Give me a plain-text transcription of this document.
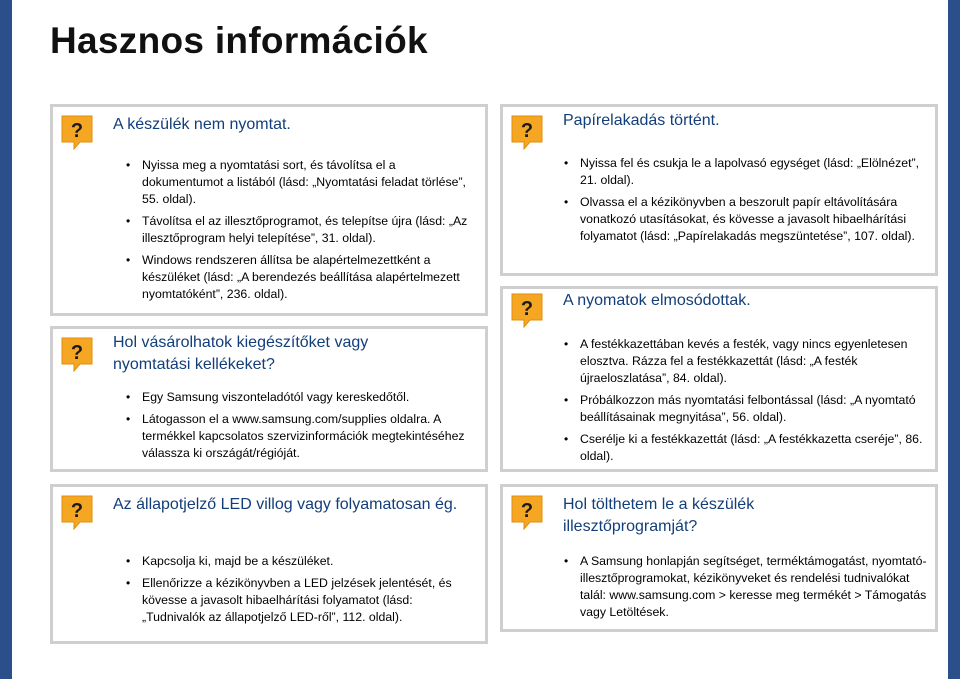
Hasznos információk
? A készülék nem nyomtat.
• Nyissa meg a nyomtatási sort, és távolítsa el a dokumentumot a listából (lásd: „Nyomtatási feladat törlése”, 55. oldal).
• Távolítsa el az illesztőprogramot, és telepítse újra (lásd: „Az illesztőprogram helyi telepítése”, 31. oldal).
• Windows rendszeren állítsa be alapértelmezettként a készüléket (lásd: „A berendezés beállítása alapértelmezett nyomtatóként”, 236. oldal).
? Hol vásárolhatok kiegészítőket vagy nyomtatási kellékeket?
• Egy Samsung viszonteladótól vagy kereskedőtől.
• Látogasson el a www.samsung.com/supplies oldalra. A termékkel kapcsolatos szervizinformációk megtekintéséhez válassza ki országát/régióját.
? Az állapotjelző LED villog vagy folyamatosan ég.
• Kapcsolja ki, majd be a készüléket.
• Ellenőrizze a kézikönyvben a LED jelzések jelentését, és kövesse a javasolt hibaelhárítási folyamatot (lásd: „Tudnivalók az állapotjelző LED-ről”, 112. oldal).
? Papírelakadás történt.
• Nyissa fel és csukja le a lapolvasó egységet (lásd: „Elölnézet”, 21. oldal).
• Olvassa el a kézikönyvben a beszorult papír eltávolítására vonatkozó utasításokat, és kövesse a javasolt hibaelhárítási folyamatot (lásd: „Papírelakadás megszüntetése”, 107. oldal).
? A nyomatok elmosódottak.
• A festékkazettában kevés a festék, vagy nincs egyenletesen elosztva. Rázza fel a festékkazettát (lásd: „A festék újraeloszlatása”, 84. oldal).
• Próbálkozzon más nyomtatási felbontással (lásd: „A nyomtató beállításainak megnyitása”, 56. oldal).
• Cserélje ki a festékkazettát (lásd: „A festékkazetta cseréje”, 86. oldal).
? Hol tölthetem le a készülék illesztőprogramját?
• A Samsung honlapján segítséget, terméktámogatást, nyomtató-illesztőprogramokat, kézikönyveket és rendelési tudnivalókat talál: www.samsung.com > keresse meg termékét > Támogatás vagy Letöltések.
